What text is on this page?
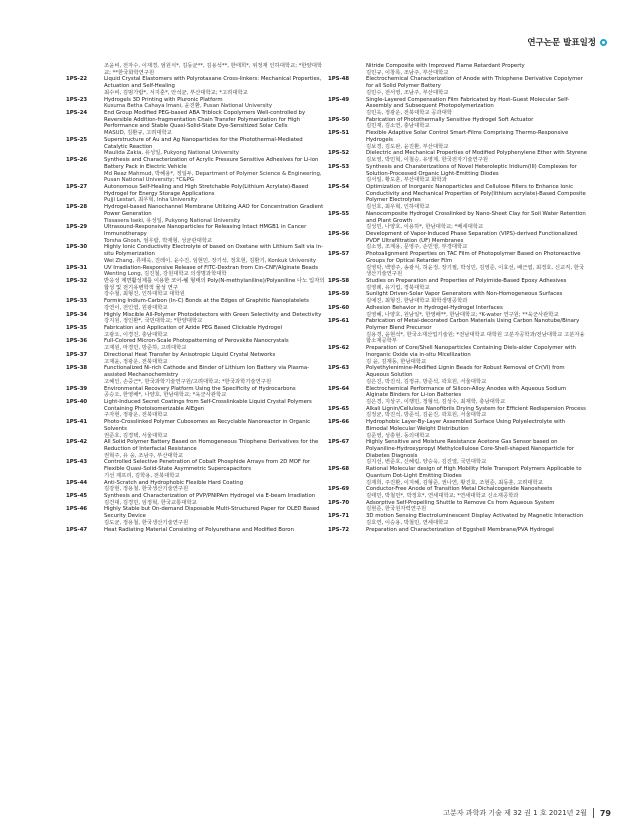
연구논문 발표일정
조윤비, 전자수, 이재경, 엄원식*, 김동균**, 김용석**, 한태희*, 위정재 인하대학교; *한양대학교; **한국화학연구원
1PS-22	Liquid Crystal Elastomers with Polyrotaxane Cross-linkers: Mechanical Properties, Actuation and Self-Healing
최수비, 김범가람*, 서지훈*, 안석균, 부산대학교; *고려대학교
1PS-23	Hydrogels 3D Printing with Pluronic Platform
Kusuma Betha Cahaya Imani, 윤진환, Pusan National University
1PS-24	End Group Modified PEG-based ABA Triblock Copolymers Well-controlled by Reversible Addition-fragmentation Chain Transfer Polymerization for High Performance and Stable Quasi-Solid-State Dye-Sensitized Solar Cells
MASUD, 김환규, 고려대학교
1PS-25	Superstructure of Au and Ag Nanoparticles for the Photothermal-Mediated Catalytic Reaction
Maulida Zakia, 유성일, Pukyong National University
1PS-26	Synthesis and Characterization of Acrylic Pressure Sensitive Adhesives for Li-ion Battery Pack in Electric Vehicle
Md Reaz Mahmud, 박혜용*, 정일두, Department of Polymer Science & Engineering, Pusan National University; *C&PG
1PS-27	Autonomous Self-Healing and High Stretchable Poly(Lithium Acrylate)-Based Hydrogel for Energy Storage Applications
Pujji Lestari, 최우혁, Inha University
1PS-28	Hydrogel-based Nanochannel Membrane Utilizing AAO for Concentration Gradient Power Generation
Tissasera Iseki, 유성일, Pukyong National University
1PS-29	Ultrasound-Responsive Nanoparticles for Releasing Intact HMGB1 in Cancer Immunotherapy
Torsha Ghosh, 엄우람, 박재형, 성균관대학교
1PS-30	Highly Ionic Conductivity Electrolyte of based on Oxetane with Lithium Salt via in-situ Polymerization
Wei Zhang, 류태욱, 진레이, 윤수진, 임현민, 장기석, 정호현, 김환기, Konkuk University
1PS-31	UV Irradiation-Responsive Release of FITC-Dextran from Cin-CNF/Alginate Beads
Wenting Long, 김진철, 강원대학교 의생명과학대학
1PS-32	반응성 계면활성제를 이용한 코어-쉘 형태의 Poly(N-methylaniline)/Polyaniline 나노 입자의 합성 및 전기유변학적 물성 연구
강수철, 최형진, 인하대학교 대학원
1PS-33	Forming Indium-Carbon (In-C) Bonds at the Edges of Graphitic Nanoplatelets
강연이, 전인엽, 원광대학교
1PS-34	Highly Miscible All-Polymer Photodetectors with Green Selectivity and Detectivity
강지원, 정인환*, 국민대학교; *한양대학교
1PS-35	Fabrication and Application of Azide PEG Based Clickable Hydrogel
고광오, 이경진, 충남대학교
1PS-36	Full-Colored Micron-Scale Photopatterning of Perovskite Nanocrystals
고재원, 마경민, 방준하, 고려대학교
1PS-37	Directional Heat Transfer by Anisotropic Liquid Crystal Networks
고재윤, 정광운, 전북대학교
1PS-38	Functionalized Ni-rich Cathode and Binder of Lithium Ion Battery via Plasma-assisted Mechanochemistry
고혜인, 손중근*, 한국과학기술연구원/고려대학교; *한국과학기술연구원
1PS-39	Environmental Recovery Platform Using the Specificity of Hydrocarbons
공승오, 한영배*, 나양호, 한남대학교; *육군사관학교
1PS-40	Light-Induced Secret Coatings from Self-Crosslinkable Liquid Crystal Polymers Containing Photoisomerizable AIEgen
구자현, 정광운, 전북대학교
1PS-41	Photo-Crosslinked Polymer Cubosomes as Recyclable Nanoreactor in Organic Solvents
권준호, 김경택, 서울대학교
1PS-42	All Solid Polymer Battery Based on Homogeneous Thiophene Derivatives for the Reduction of Interfacial Resistance
권혁주, 유 웅, 조남주, 부산대학교
1PS-43	Controlled Selective Penetration of Cobalt Phosphide Arrays from 2D MOF for Flexible Quasi-Solid-State Asymmetric Supercapacitors
기선 제프리, 김학용, 전북대학교
1PS-44	Anti-Scratch and Hydrophobic Flexible Hard Coating
김강현, 정용철, 한국생산기술연구원
1PS-45	Synthesis and Characterization of PVP/PNIPAm Hydrogel via E-beam Irradiation
김건대, 김경민, 임정혁, 한국교통대학교
1PS-46	Highly Stable but On-demand Disposable Multi-Structured Paper for OLED Based Security Device
김도균, 정용철, 한국생산기술연구원
1PS-47	Heat Radiating Material Consisting of Polyurethane and Modified Boron
Nitride Composite with Improved Flame Retardant Property
김민규, 이창록, 조남주, 부산대학교
1PS-48	Electrochemical Characterization of Anode with Thiophene Derivative Copolymer for all Solid Polymer Battery
김민수, 전서영, 조남주, 부산대학교
1PS-49	Single-Layered Compensation Film Fabricated by Host-Guest Molecular Self-Assembly and Subsequent Photopolymerization
김민욱, 정광운, 전북대학교 공과대학
1PS-50	Fabrication of Photothermally Sensitive Hydrogel Soft Actuator
김민재, 김소연, 충남대학교
1PS-51	Flexible Adaptive Solar Control Smart-Films Comprising Thermo-Responsive Hydrogels
김보경, 김도완, 윤진환, 부산대학교
1PS-52	Dielectric and Mechanical Properties of Modified Polyphenylene Ether with Styrene
김보영, 박민혁, 이철승, 유영제, 한국전자기술연구원
1PS-53	Synthesis and Charaterizations of Novel Heteroleptic Iridium(III) Complexes for Solution-Processed Organic Light-Emitting Diodes
김서일, 황도훈, 부산대학교 화학과
1PS-54	Optimization of Inorganic Nanoparticles and Cellulose Fillers to Enhance Ionic Conductivity and Mechanical Properties of Poly(lithium acrylate)-Based Composite Polymer Electrolytes
김선호, 최우혁, 인하대학교
1PS-55	Nanocomposite Hydrogel Crosslinked by Nano-Sheet Clay for Soil Water Retention and Plant Growth
김성민, 나양호, 이용하*, 한남대학교; *베세대학교
1PS-56	Development of Vapor-Induced Phase Separation (VIPS)-derived Functionalized PVDF Ultrafiltration (UF) Membranes
김소영, 조계용, 문영주, 손민영, 부경대학교
1PS-57	Photoalignment Properties on TAC Film of Photopolymer Based on Photoreactive Groups for Optical Retarder Film
김영탁, 백영주, 송광식, 허윤정, 장기필, 박성민, 김영준, 이효선, 배근엽, 최경호, 신교직, 한국생산기술연구원
1PS-58	Studies on Preparation and Properties of Polyimide-Based Epoxy Adhesives
김영례, 유기업, 경북대학교
1PS-59	Sunlight Driven-Solar Vapor Generators with Non-Homogeneous Surfaces
김예진, 최형진, 한남대학교 화학생명공학과
1PS-60	Adhesion Behavior in Hydrogel-Hydrogel Interfaces
김영혜, 나양호, 원남일*, 한영배**, 한남대학교; *K-water 연구원; **육군사관학교
1PS-61	Fabrication of Metal-decorated Carbon Materials Using Carbon Nanotube/Binary Polymer Blend Precursor
김용경, 윤현석*, 한국소재산업기술원; *전남대학교 대학원 고분자공학과/전남대학교 고분자융합소재공학부
1PS-62	Preparation of Core/Shell Nanoparticles Containing Diels-alder Copolymer with Inorganic Oxide via in-situ Micellization
김 윤, 김재동, 한남대학교
1PS-63	Polyethylenimine-Modified Lignin Beads for Robust Removal of Cr(VI) from Aqueous Solution
김은진, 박진석, 김정규, 방준석, 곽호원, 서울대학교
1PS-64	Electrochemical Performance of Silicon-Alloy Anodes with Aqueous Sodium Alginate Binders for Li-ion Batteries
김은경, 지상구, 이행민, 정형석, 김성수, 최재학, 충남대학교
1PS-65	Alkali Lignin/Cellulose Nanofibrils Drying System for Efficient Redispersion Process
김정균, 박진석, 방준석, 김윤진, 곽호원, 서울대학교
1PS-66	Hydrophobic Layer-By-Layer Assembled Surface Using Polyelectrolyte with Bimodal Molecular Weight Distribution
김준영, 성충현, 동의대학교
1PS-67	Highly Sensitive and Moisture Resistance Acetone Gas Sensor based on Polyaniline-Hydroxypropyl Methylcellulose Core-Shell-shaped Nanoparticle for Diabetes Diagnosis
김지선, 변준호, 신혜림, 양승욱, 김진열, 국민대학교
1PS-68	Rational Molecular design of High Mobility Hole Transport Polymers Applicable to Quantum Dot-Light Emitting Diodes
김재희, 주진환, 이지혜, 김형준, 권나연, 황진호, 조현준, 최동훈, 고려대학교
1PS-69	Conductor-Free Anode of Transition Metal Dichalcogenide Nanosheets
김태민, 박철민*, 박정호*, 연세대학교; *연세대학교 신소재공학과
1PS-70	Adsorptive Self-Propelling Shuttle to Remove Cs from Aqueous System
김현준, 한국원자력연구원
1PS-71	3D motion Sensing Electroluminescent Display Activated by Magnetic Interaction
김호연, 이승용, 박철민, 연세대학교
1PS-72	Preparation and Characterization of Eggshell Membrane/PVA Hydrogel
고분자 과학과 기술 제 32 권 1 호 2021년 2월 79
